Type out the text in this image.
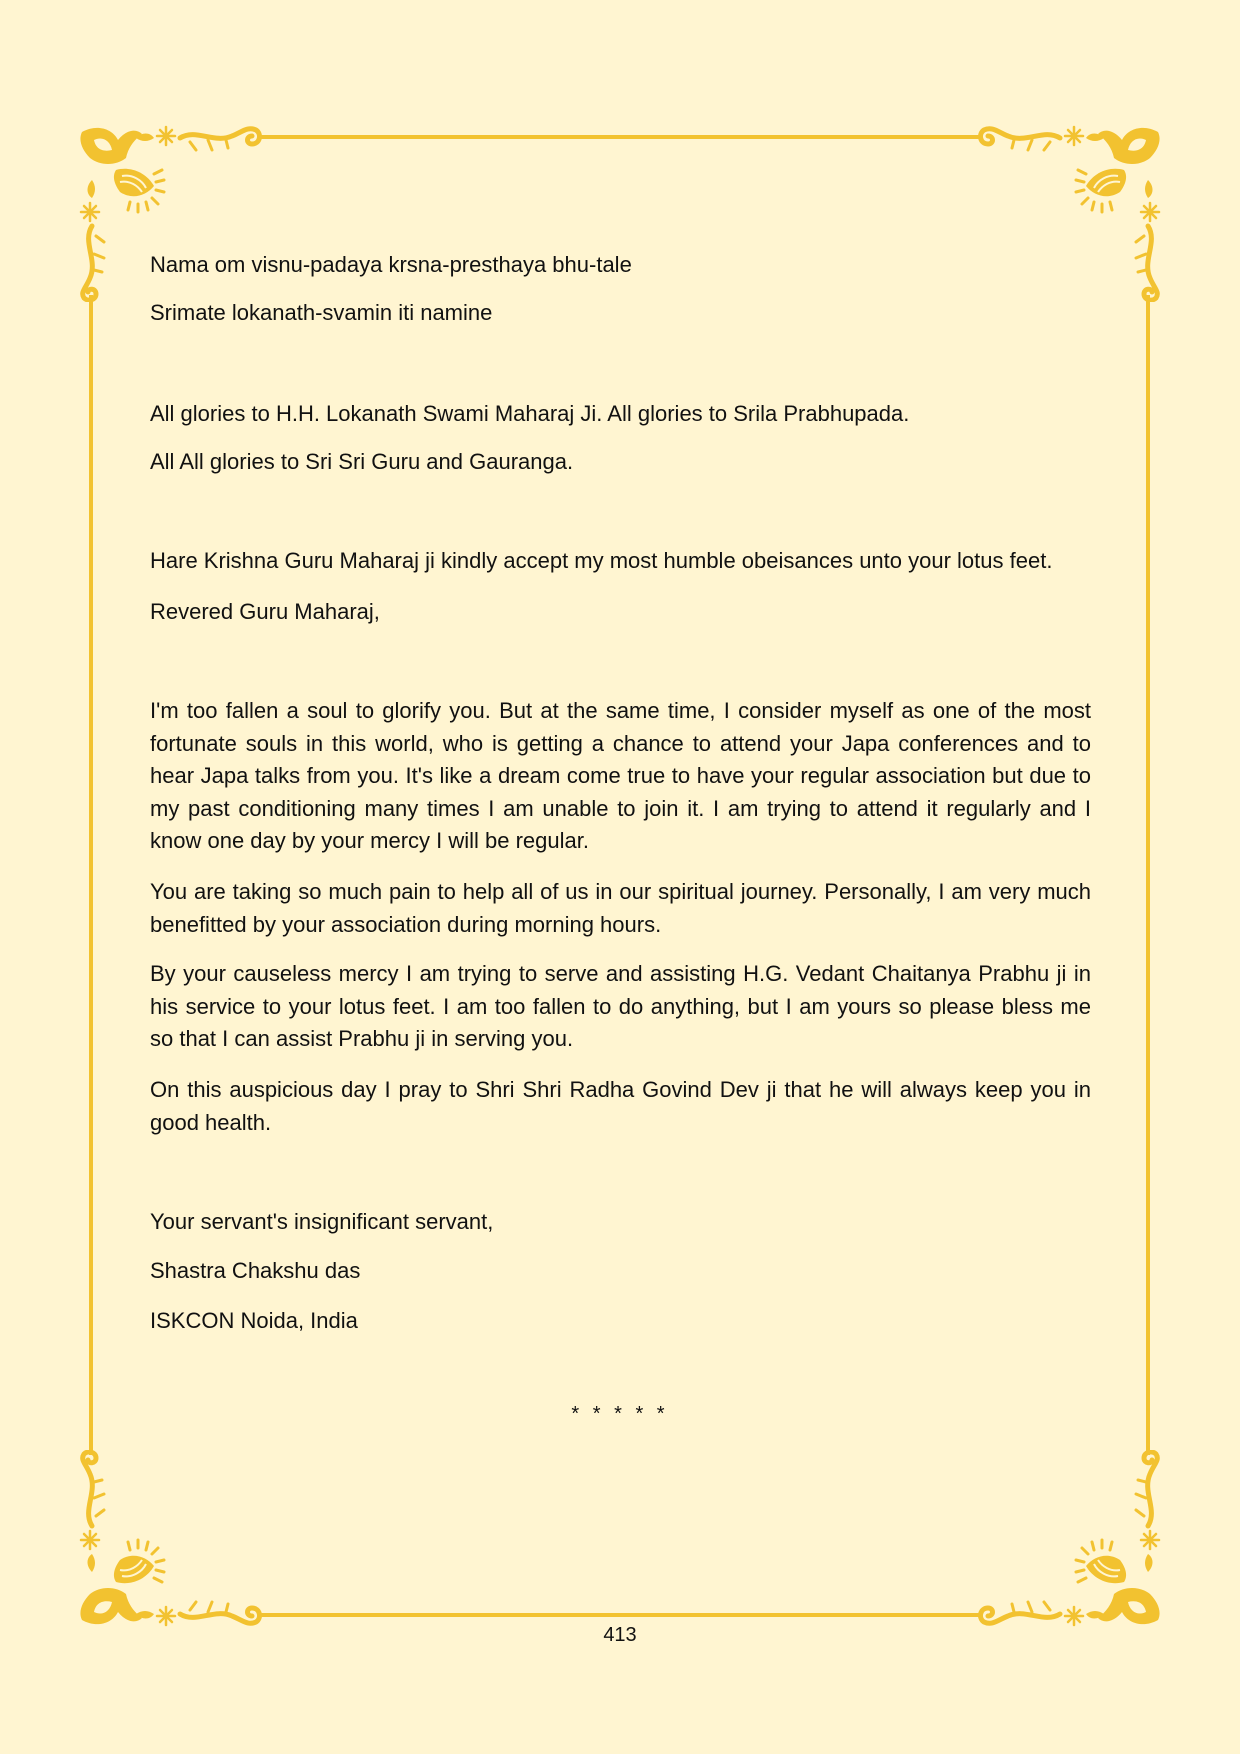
Nama om visnu-padaya krsna-presthaya bhu-tale
Srimate lokanath-svamin iti namine
All glories to H.H. Lokanath Swami Maharaj Ji. All glories to Srila Prabhupada.
All All glories to Sri Sri Guru and Gauranga.
Hare Krishna Guru Maharaj ji kindly accept my most humble obeisances unto your lotus feet.
Revered Guru Maharaj,
I'm too fallen a soul to glorify you. But at the same time, I consider myself as one of the most fortunate souls in this world, who is getting a chance to attend your Japa conferences and to hear Japa talks from you. It's like a dream come true to have your regular association but due to my past conditioning many times I am unable to join it. I am trying to attend it regularly and I know one day by your mercy I will be regular.
You are taking so much pain to help all of us in our spiritual journey. Personally, I am very much benefitted by your association during morning hours.
By your causeless mercy I am trying to serve and assisting H.G. Vedant Chaitanya Prabhu ji in his service to your lotus feet. I am too fallen to do anything, but I am yours so please bless me so that I can assist Prabhu ji in serving you.
On this auspicious day I pray to Shri Shri Radha Govind Dev ji that he will always keep you in good health.
Your servant's insignificant servant,
Shastra Chakshu das
ISKCON Noida, India
* * * * *
413
